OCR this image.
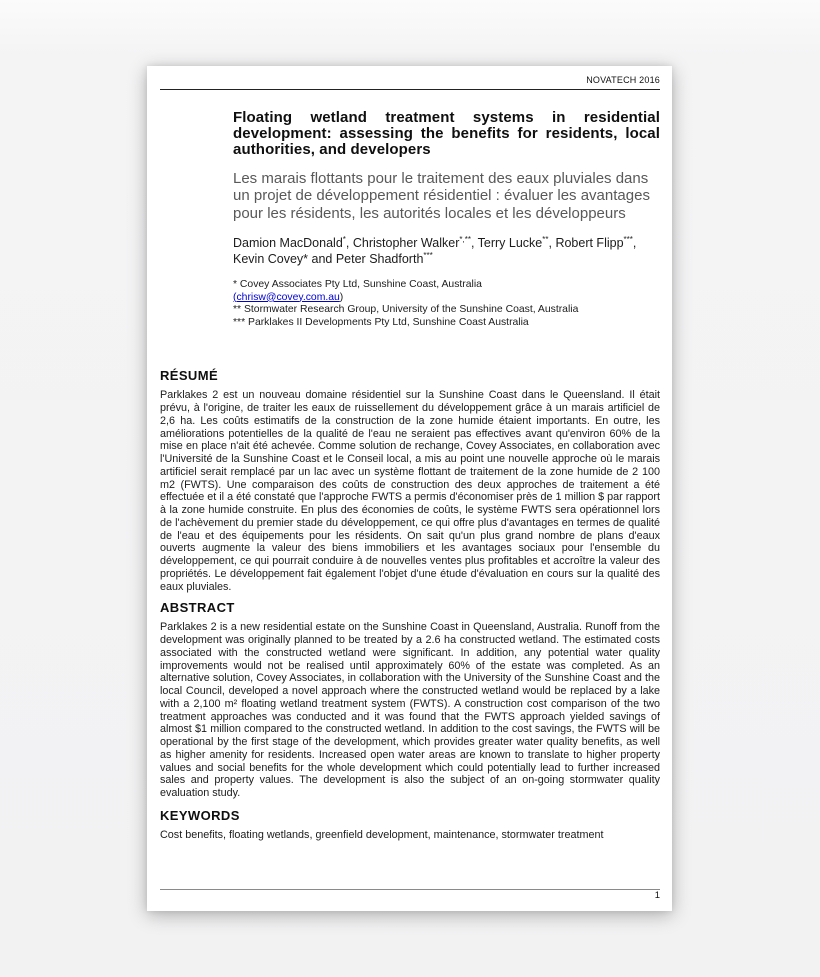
NOVATECH 2016
Floating wetland treatment systems in residential development: assessing the benefits for residents, local authorities, and developers
Les marais flottants pour le traitement des eaux pluviales dans un projet de développement résidentiel : évaluer les avantages pour les résidents, les autorités locales et les développeurs
Damion MacDonald*, Christopher Walker*,**, Terry Lucke**, Robert Flipp***, Kevin Covey* and Peter Shadforth***
* Covey Associates Pty Ltd, Sunshine Coast, Australia
(chrisw@covey.com.au)
** Stormwater Research Group, University of the Sunshine Coast, Australia
*** Parklakes II Developments Pty Ltd, Sunshine Coast Australia
RÉSUMÉ
Parklakes 2 est un nouveau domaine résidentiel sur la Sunshine Coast dans le Queensland. Il était prévu, à l'origine, de traiter les eaux de ruissellement du développement grâce à un marais artificiel de 2,6 ha. Les coûts estimatifs de la construction de la zone humide étaient importants. En outre, les améliorations potentielles de la qualité de l'eau ne seraient pas effectives avant qu'environ 60% de la mise en place n'ait été achevée. Comme solution de rechange, Covey Associates, en collaboration avec l'Université de la Sunshine Coast et le Conseil local, a mis au point une nouvelle approche où le marais artificiel serait remplacé par un lac avec un système flottant de traitement de la zone humide de 2 100 m2 (FWTS). Une comparaison des coûts de construction des deux approches de traitement a été effectuée et il a été constaté que l'approche FWTS a permis d'économiser près de 1 million $ par rapport à la zone humide construite. En plus des économies de coûts, le système FWTS sera opérationnel lors de l'achèvement du premier stade du développement, ce qui offre plus d'avantages en termes de qualité de l'eau et des équipements pour les résidents. On sait qu'un plus grand nombre de plans d'eaux ouverts augmente la valeur des biens immobiliers et les avantages sociaux pour l'ensemble du développement, ce qui pourrait conduire à de nouvelles ventes plus profitables et accroître la valeur des propriétés. Le développement fait également l'objet d'une étude d'évaluation en cours sur la qualité des eaux pluviales.
ABSTRACT
Parklakes 2 is a new residential estate on the Sunshine Coast in Queensland, Australia. Runoff from the development was originally planned to be treated by a 2.6 ha constructed wetland. The estimated costs associated with the constructed wetland were significant. In addition, any potential water quality improvements would not be realised until approximately 60% of the estate was completed. As an alternative solution, Covey Associates, in collaboration with the University of the Sunshine Coast and the local Council, developed a novel approach where the constructed wetland would be replaced by a lake with a 2,100 m² floating wetland treatment system (FWTS). A construction cost comparison of the two treatment approaches was conducted and it was found that the FWTS approach yielded savings of almost $1 million compared to the constructed wetland. In addition to the cost savings, the FWTS will be operational by the first stage of the development, which provides greater water quality benefits, as well as higher amenity for residents. Increased open water areas are known to translate to higher property values and social benefits for the whole development which could potentially lead to further increased sales and property values. The development is also the subject of an on-going stormwater quality evaluation study.
KEYWORDS
Cost benefits, floating wetlands, greenfield development, maintenance, stormwater treatment
1
